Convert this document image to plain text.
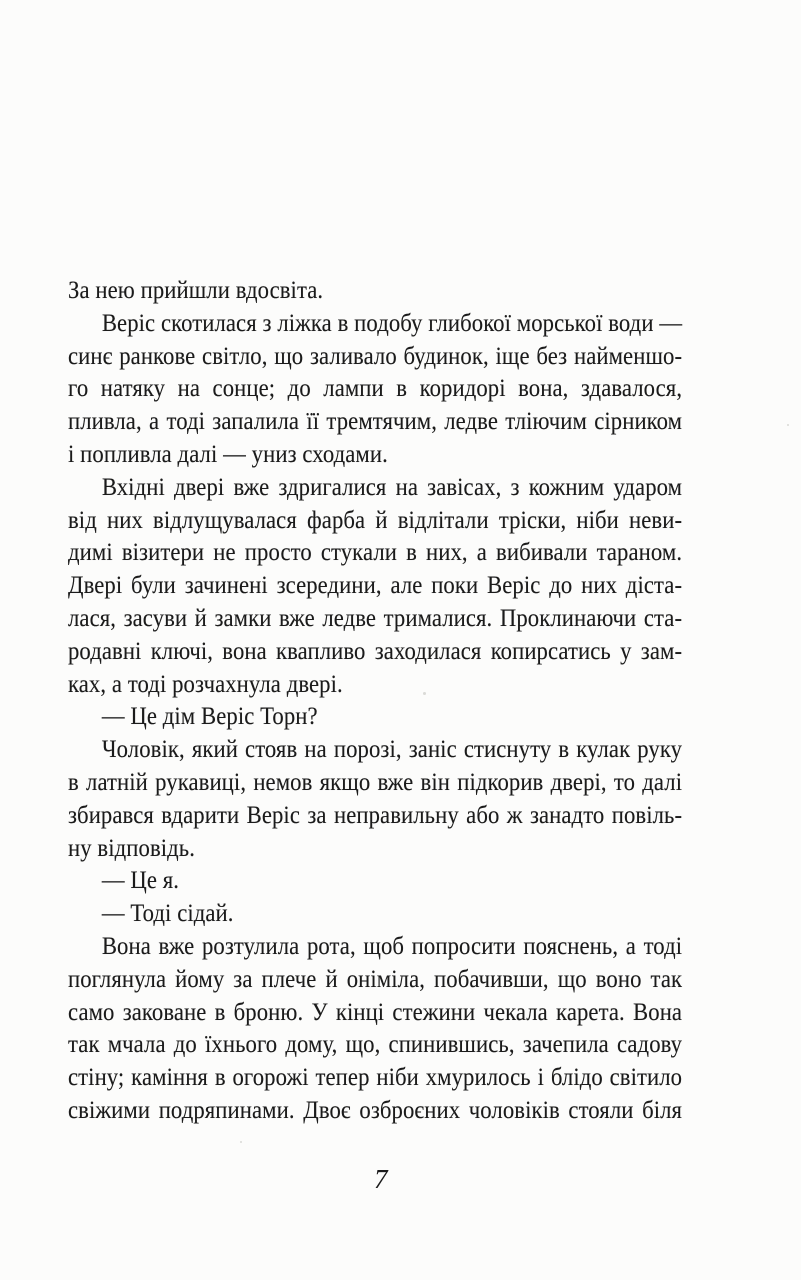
За нею прийшли вдосвіта.
Веріс скотилася з ліжка в подобу глибокої морської води —
синє ранкове світло, що заливало будинок, іще без найменшо-
го натяку на сонце; до лампи в коридорі вона, здавалося,
пливла, а тоді запалила її тремтячим, ледве тліючим сірником
і попливла далі — униз сходами.
Вхідні двері вже здригалися на завісах, з кожним ударом
від них відлущувалася фарба й відлітали тріски, ніби неви-
димі візитери не просто стукали в них, а вибивали тараном.
Двері були зачинені зсередини, але поки Веріс до них діста-
лася, засуви й замки вже ледве трималися. Проклинаючи ста-
родавні ключі, вона квапливо заходилася копирсатись у зам-
ках, а тоді розчахнула двері.
— Це дім Веріс Торн?
Чоловік, який стояв на порозі, заніс стиснуту в кулак руку
в латній рукавиці, немов якщо вже він підкорив двері, то далі
збирався вдарити Веріс за неправильну або ж занадто повіль-
ну відповідь.
— Це я.
— Тоді сідай.
Вона вже розтулила рота, щоб попросити пояснень, а тоді
поглянула йому за плече й оніміла, побачивши, що воно так
само заковане в броню. У кінці стежини чекала карета. Вона
так мчала до їхнього дому, що, спинившись, зачепила садову
стіну; каміння в огорожі тепер ніби хмурилось і блідо світило
свіжими подряпинами. Двоє озброєних чоловіків стояли біля
7
